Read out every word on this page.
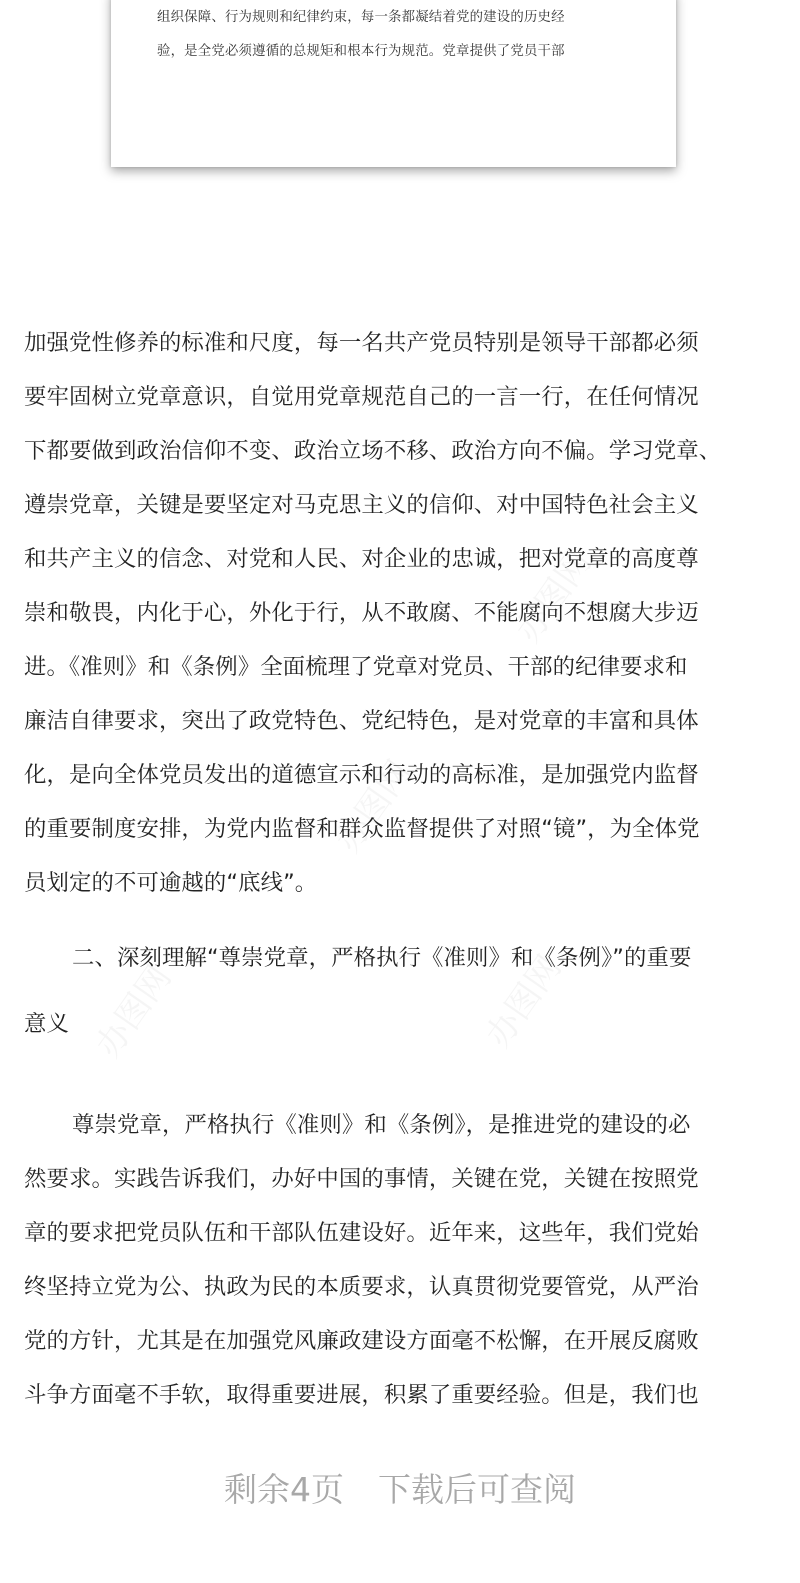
组织保障、行为规则和纪律约束，每一条都凝结着党的建设的历史经
验，是全党必须遵循的总规矩和根本行为规范。党章提供了党员干部
办图网
办图网
办图网
办图网
加强党性修养的标准和尺度，每一名共产党员特别是领导干部都必须
要牢固树立党章意识，自觉用党章规范自己的一言一行，在任何情况
下都要做到政治信仰不变、政治立场不移、政治方向不偏。学习党章、
遵崇党章，关键是要坚定对马克思主义的信仰、对中国特色社会主义
和共产主义的信念、对党和人民、对企业的忠诚，把对党章的高度尊
崇和敬畏，内化于心，外化于行，从不敢腐、不能腐向不想腐大步迈
进。《准则》和《条例》全面梳理了党章对党员、干部的纪律要求和
廉洁自律要求，突出了政党特色、党纪特色，是对党章的丰富和具体
化，是向全体党员发出的道德宣示和行动的高标准，是加强党内监督
的重要制度安排，为党内监督和群众监督提供了对照“镜”，为全体党
员划定的不可逾越的“底线”。
二、深刻理解“尊崇党章，严格执行《准则》和《条例》”的重要
意义
尊崇党章，严格执行《准则》和《条例》，是推进党的建设的必
然要求。实践告诉我们，办好中国的事情，关键在党，关键在按照党
章的要求把党员队伍和干部队伍建设好。近年来，这些年，我们党始
终坚持立党为公、执政为民的本质要求，认真贯彻党要管党，从严治
党的方针，尤其是在加强党风廉政建设方面毫不松懈，在开展反腐败
斗争方面毫不手软，取得重要进展，积累了重要经验。但是，我们也
剩余4页 下载后可查阅
